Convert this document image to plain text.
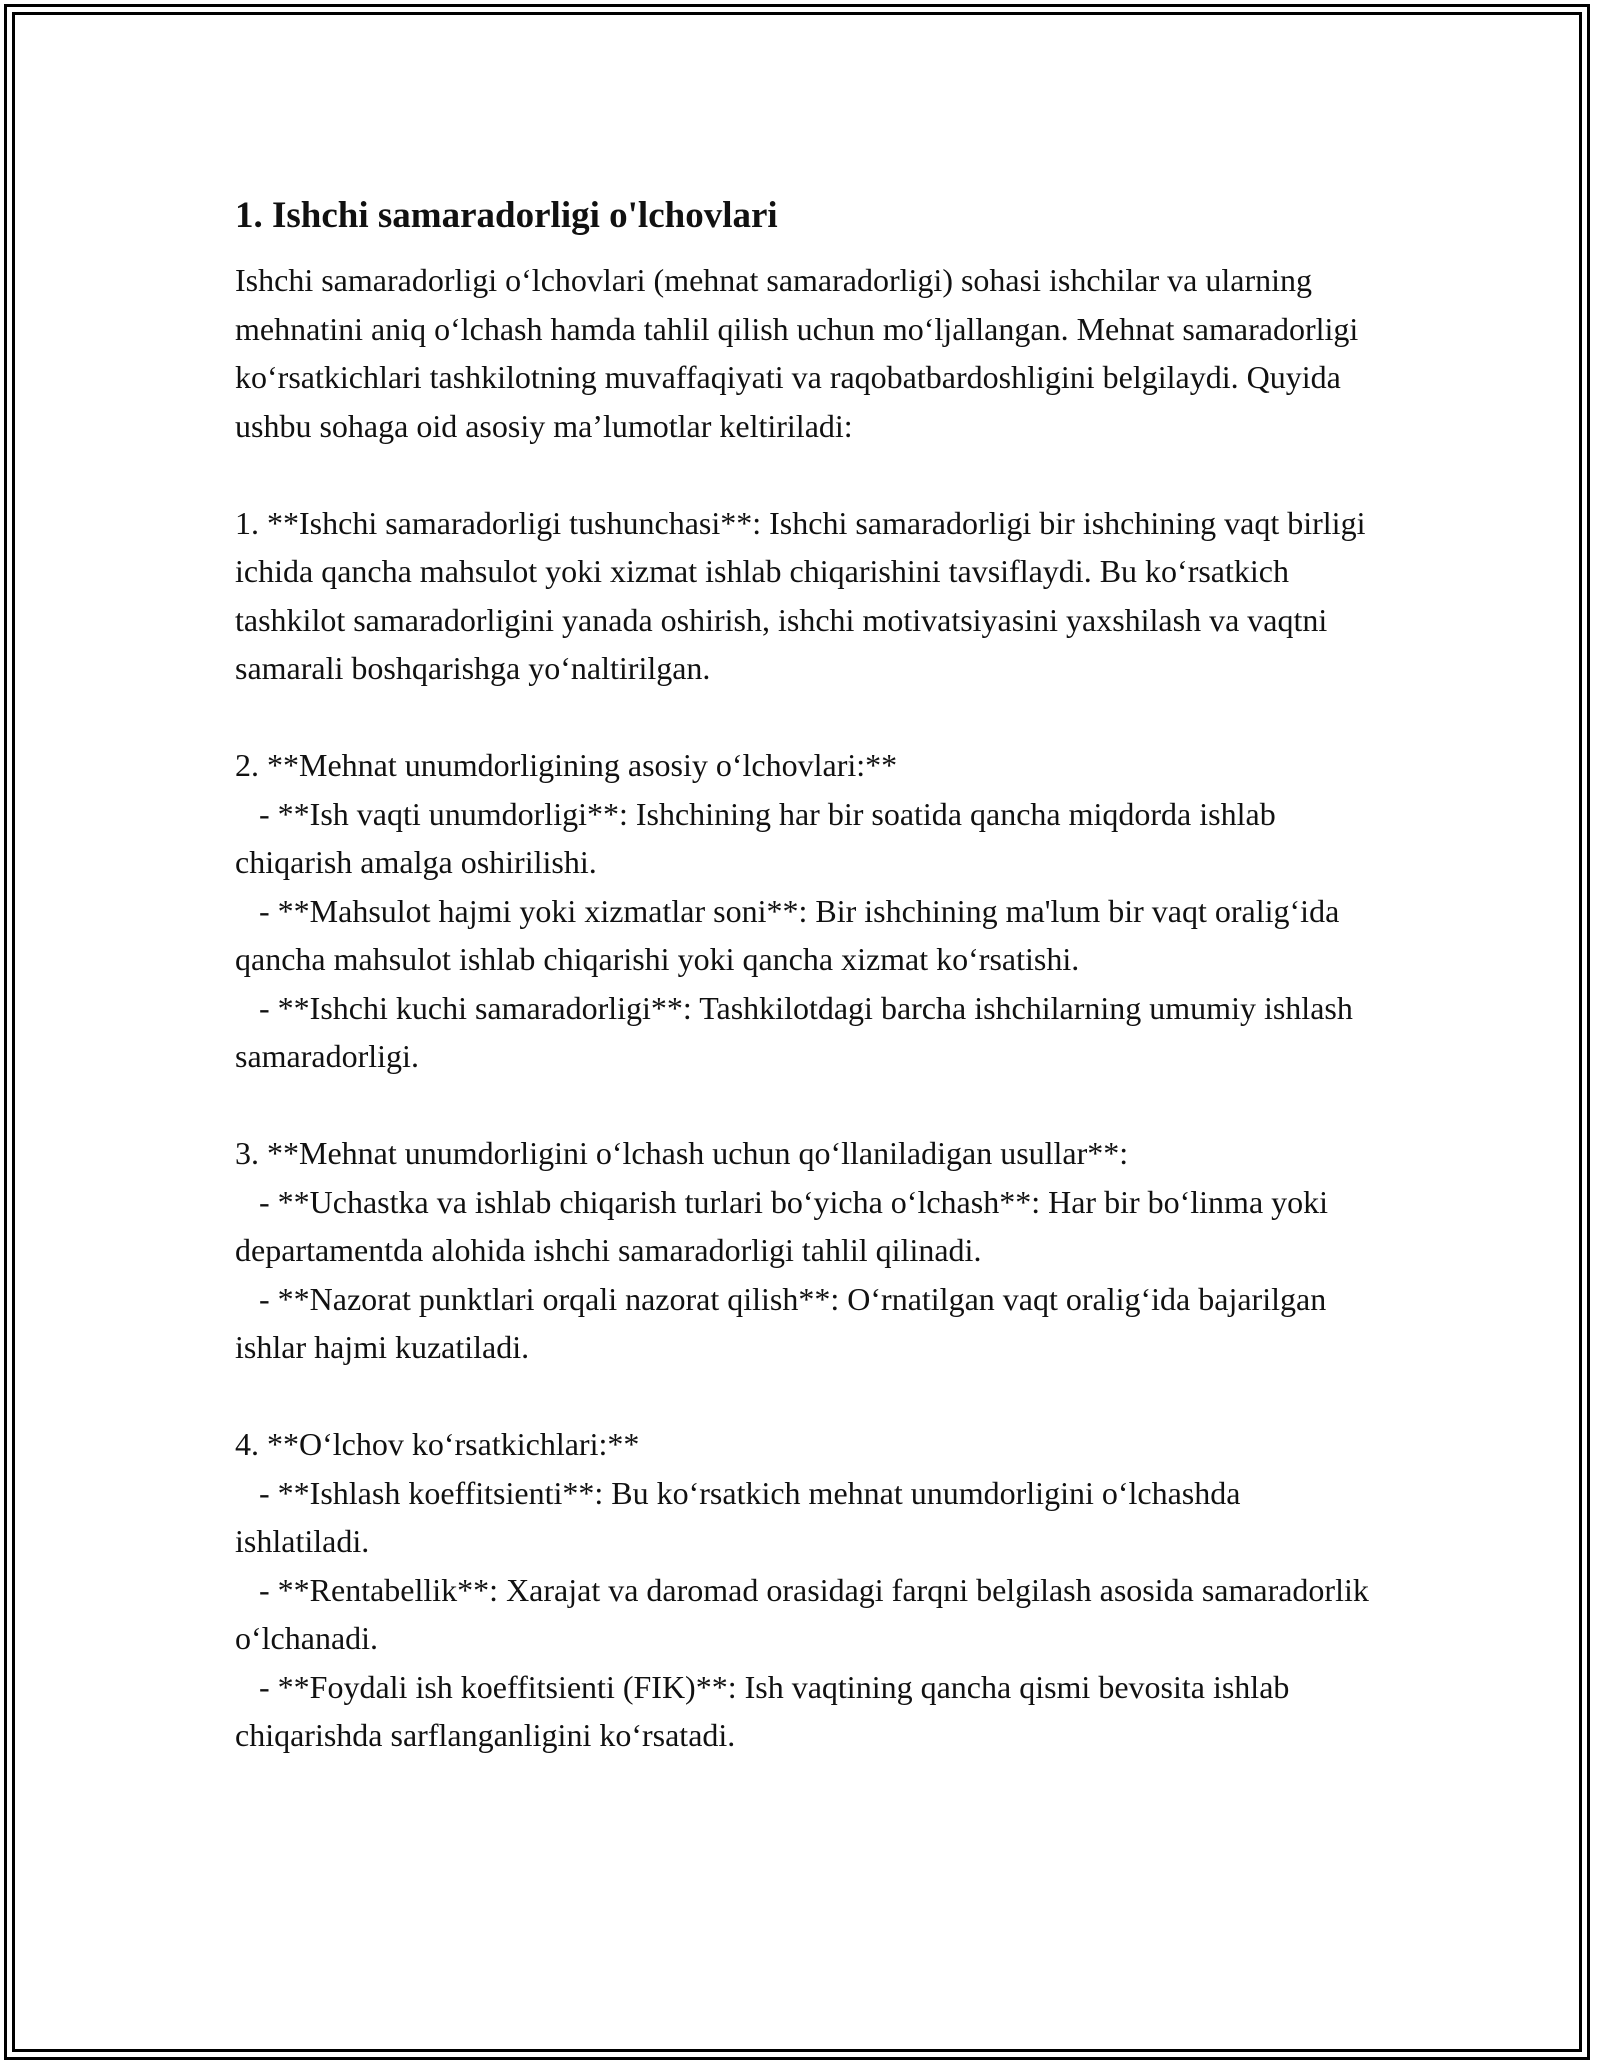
1. Ishchi samaradorligi o'lchovlari

Ishchi samaradorligi o‘lchovlari (mehnat samaradorligi) sohasi ishchilar va ularning mehnatini aniq o‘lchash hamda tahlil qilish uchun mo‘ljallangan. Mehnat samaradorligi ko‘rsatkichlari tashkilotning muvaffaqiyati va raqobatbardoshligini belgilaydi. Quyida ushbu sohaga oid asosiy ma’lumotlar keltiriladi:

1. **Ishchi samaradorligi tushunchasi**: Ishchi samaradorligi bir ishchining vaqt birligi ichida qancha mahsulot yoki xizmat ishlab chiqarishini tavsiflaydi. Bu ko‘rsatkich tashkilot samaradorligini yanada oshirish, ishchi motivatsiyasini yaxshilash va vaqtni samarali boshqarishga yo‘naltirilgan.

2. **Mehnat unumdorligining asosiy o‘lchovlari:**

- **Ish vaqti unumdorligi**: Ishchining har bir soatida qancha miqdorda ishlab chiqarish amalga oshirilishi.

- **Mahsulot hajmi yoki xizmatlar soni**: Bir ishchining ma'lum bir vaqt oralig‘ida qancha mahsulot ishlab chiqarishi yoki qancha xizmat ko‘rsatishi.

- **Ishchi kuchi samaradorligi**: Tashkilotdagi barcha ishchilarning umumiy ishlash samaradorligi.

3. **Mehnat unumdorligini o‘lchash uchun qo‘llaniladigan usullar**:

- **Uchastka va ishlab chiqarish turlari bo‘yicha o‘lchash**: Har bir bo‘linma yoki departamentda alohida ishchi samaradorligi tahlil qilinadi.

- **Nazorat punktlari orqali nazorat qilish**: O‘rnatilgan vaqt oralig‘ida bajarilgan ishlar hajmi kuzatiladi.

4. **O‘lchov ko‘rsatkichlari:**

- **Ishlash koeffitsienti**: Bu ko‘rsatkich mehnat unumdorligini o‘lchashda ishlatiladi.

- **Rentabellik**: Xarajat va daromad orasidagi farqni belgilash asosida samaradorlik o‘lchanadi.

- **Foydali ish koeffitsienti (FIK)**: Ish vaqtining qancha qismi bevosita ishlab chiqarishda sarflanganligini ko‘rsatadi.
